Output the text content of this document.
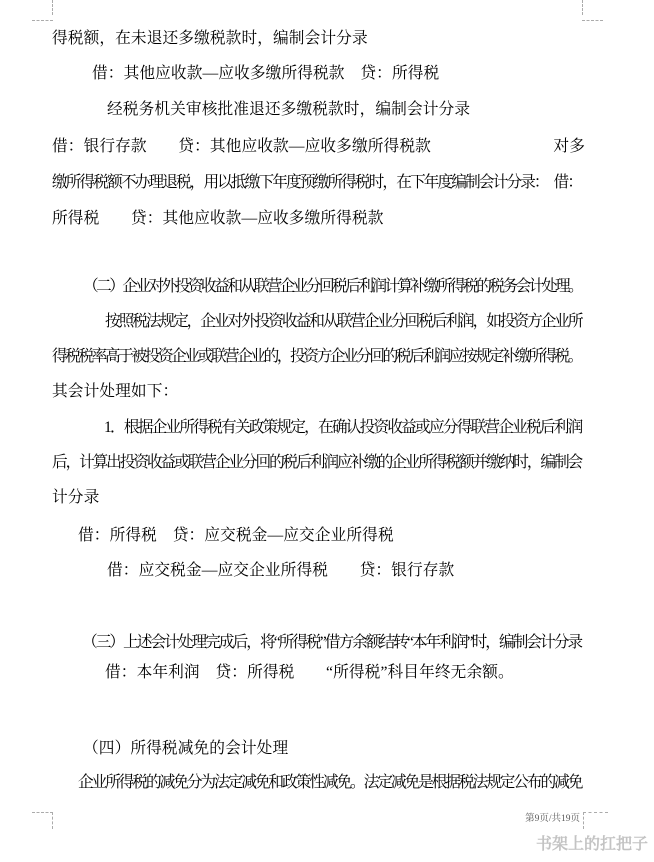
得税额，在未退还多缴税款时，编制会计分录
借：其他应收款—应收多缴所得税款　贷：所得税
经税务机关审核批准退还多缴税款时，编制会计分录
借：银行存款　　贷：其他应收款—应收多缴所得税款	对多
缴所得税额不办理退税，用以抵缴下年度预缴所得税时，在下年度编制会计分录：　借：
所得税　　贷：其他应收款—应收多缴所得税款
（二）企业对外投资收益和从联营企业分回税后利润计算补缴所得税的税务会计处理。
按照税法规定，企业对外投资收益和从联营企业分回税后利润，如投资方企业所
得税税率高于被投资企业或联营企业的，投资方企业分回的税后利润应按规定补缴所得税。
其会计处理如下：
1．根据企业所得税有关政策规定，在确认投资收益或应分得联营企业税后利润
后，计算出投资收益或联营企业分回的税后利润应补缴的企业所得税额并缴纳时，编制会
计分录
借：所得税　贷：应交税金—应交企业所得税
借：应交税金—应交企业所得税　　贷：银行存款
（三）上述会计处理完成后，将“所得税”借方余额结转“本年利润”时，编制会计分录
借：本年利润　贷：所得税　　“所得税”科目年终无余额。
（四）所得税减免的会计处理
企业所得税的减免分为法定减免和政策性减免。法定减免是根据税法规定公布的减免
第9页/共19页
书架上的扛把子
